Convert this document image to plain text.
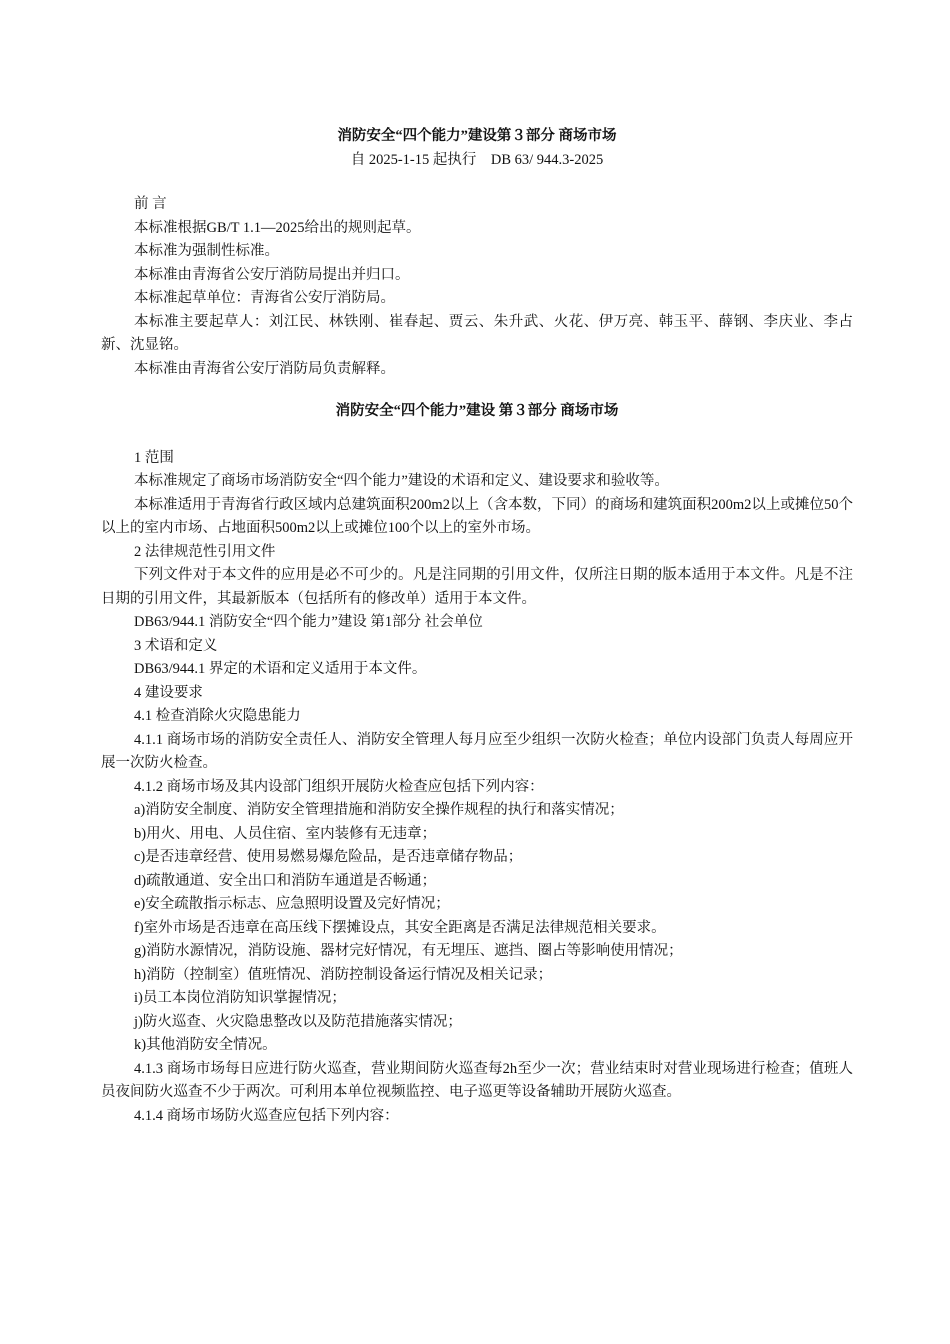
消防安全“四个能力”建设第３部分 商场市场

自 2025-1-15 起执行　DB 63/ 944.3-2025

前 言

本标准根据GB/T 1.1—2025给出的规则起草。

本标准为强制性标准。

本标准由青海省公安厅消防局提出并归口。

本标准起草单位：青海省公安厅消防局。

本标准主要起草人：刘江民、林铁刚、崔春起、贾云、朱升武、火花、伊万亮、韩玉平、薛钢、李庆业、李占新、沈显铭。

本标准由青海省公安厅消防局负责解释。

消防安全“四个能力”建设 第３部分 商场市场

1 范围

本标准规定了商场市场消防安全“四个能力”建设的术语和定义、建设要求和验收等。

本标准适用于青海省行政区域内总建筑面积200m2以上（含本数，下同）的商场和建筑面积200m2以上或摊位50个以上的室内市场、占地面积500m2以上或摊位100个以上的室外市场。

2 法律规范性引用文件

下列文件对于本文件的应用是必不可少的。凡是注同期的引用文件，仅所注日期的版本适用于本文件。凡是不注日期的引用文件，其最新版本（包括所有的修改单）适用于本文件。

DB63/944.1 消防安全“四个能力”建设 第1部分 社会单位

3 术语和定义

DB63/944.1 界定的术语和定义适用于本文件。

4 建设要求

4.1 检查消除火灾隐患能力

4.1.1 商场市场的消防安全责任人、消防安全管理人每月应至少组织一次防火检查；单位内设部门负责人每周应开展一次防火检查。

4.1.2 商场市场及其内设部门组织开展防火检查应包括下列内容：

a)消防安全制度、消防安全管理措施和消防安全操作规程的执行和落实情况；

b)用火、用电、人员住宿、室内装修有无违章；

c)是否违章经营、使用易燃易爆危险品，是否违章储存物品；

d)疏散通道、安全出口和消防车通道是否畅通；

e)安全疏散指示标志、应急照明设置及完好情况；

f)室外市场是否违章在高压线下摆摊设点，其安全距离是否满足法律规范相关要求。

g)消防水源情况，消防设施、器材完好情况，有无埋压、遮挡、圈占等影响使用情况；

h)消防（控制室）值班情况、消防控制设备运行情况及相关记录；

i)员工本岗位消防知识掌握情况；

j)防火巡查、火灾隐患整改以及防范措施落实情况；

k)其他消防安全情况。

4.1.3 商场市场每日应进行防火巡查，营业期间防火巡查每2h至少一次；营业结束时对营业现场进行检查；值班人员夜间防火巡查不少于两次。可利用本单位视频监控、电子巡更等设备辅助开展防火巡查。

4.1.4 商场市场防火巡查应包括下列内容：
